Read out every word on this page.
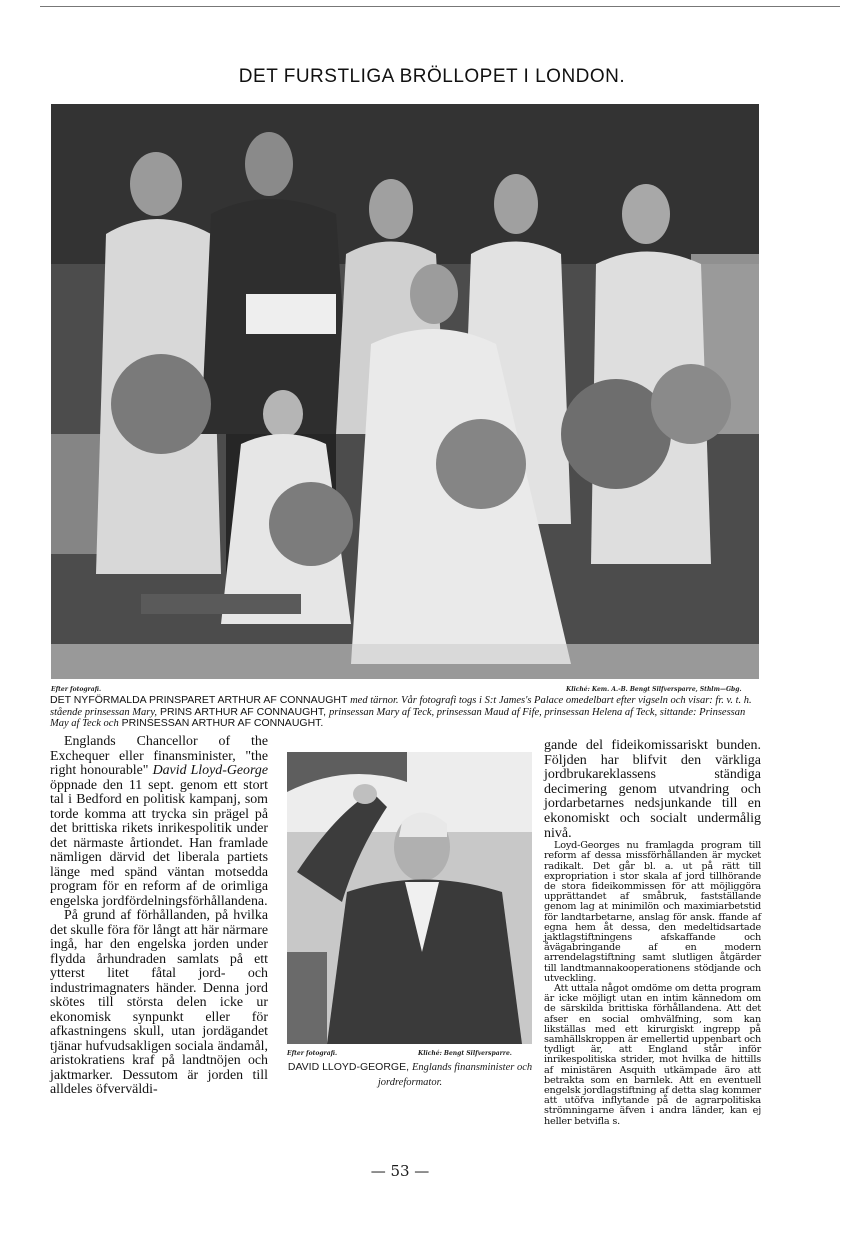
DET FURSTLIGA BRÖLLOPET I LONDON.
Efter fotografi.	Kliché: Kem. A.-B. Bengt Silfversparre, Sthlm—Gbg.
DET NYFÖRMALDA PRINSPARET ARTHUR AF CONNAUGHT med tärnor. Vår fotografi togs i S:t James's Palace omedelbart efter vigseln och visar: fr. v. t. h. stående prinsessan Mary, PRINS ARTHUR AF CONNAUGHT, prinsessan Mary af Teck, prinsessan Maud af Fife, prinsessan Helena af Teck, sittande: Prinsessan May af Teck och PRINSESSAN ARTHUR AF CONNAUGHT.

Englands Chancellor of the Exchequer eller finansminister, "the right honourable" David Lloyd-George öppnade den 11 sept. genom ett stort tal i Bedford en politisk kampanj, som torde komma att trycka sin prägel på det brittiska rikets inrikespolitik under det närmaste årtiondet. Han framlade nämligen därvid det liberala partiets länge med spänd väntan motsedda program för en reform af de orimliga engelska jordfördelningsförhållandena.

På grund af förhållanden, på hvilka det skulle föra för långt att här närmare ingå, har den engelska jorden under flydda århundraden samlats på ett ytterst litet fåtal jord- och industrimagnaters händer. Denna jord skötes till största delen icke ur ekonomisk synpunkt eller för afkastningens skull, utan jordägandet tjänar hufvudsakligen sociala ändamål, aristokratiens kraf på landtnöjen och jaktmarker. Dessutom är jorden till alldeles öfverväldi-

Efter fotografi.	Kliché: Bengt Silfversparre.
DAVID LLOYD-GEORGE, Englands finansminister och jordreformator.

gande del fideikomissariskt bunden. Följden har blifvit den värkliga jordbrukareklassens ständiga decimering genom utvandring och jordarbetarnes nedsjunkande till en ekonomiskt och socialt undermålig nivå.

Loyd-Georges nu framlagda program till reform af dessa missförhållanden är mycket radikalt. Det går bl. a. ut på rätt till expropriation i stor skala af jord tillhörande de stora fideikommissen för att möjliggöra upprättandet af småbruk, fastställande genom lag at minimilön och maximiarbetstid för landtarbetarne, anslag för ansk. ffande af egna hem åt dessa, den medeltidsartade jaktlagstiftningens afskaffande och åvägabringande af en modern arrendelagstiftning samt slutligen åtgärder till landtmannakooperationens stödjande och utveckling.

Att uttala något omdöme om detta program är icke möjligt utan en intim kännedom om de särskilda brittiska förhållandena. Att det afser en social omhvälfning, som kan likställas med ett kirurgiskt ingrepp på samhällskroppen är emellertid uppenbart och tydligt är, att England står inför inrikespolitiska strider, mot hvilka de hittills af ministären Asquith utkämpade äro att betrakta som en barnlek. Att en eventuell engelsk jordlagstiftning af detta slag kommer att utöfva inflytande på de agrarpolitiska strömningarne äfven i andra länder, kan ej heller betvifla s.

— 53 —
